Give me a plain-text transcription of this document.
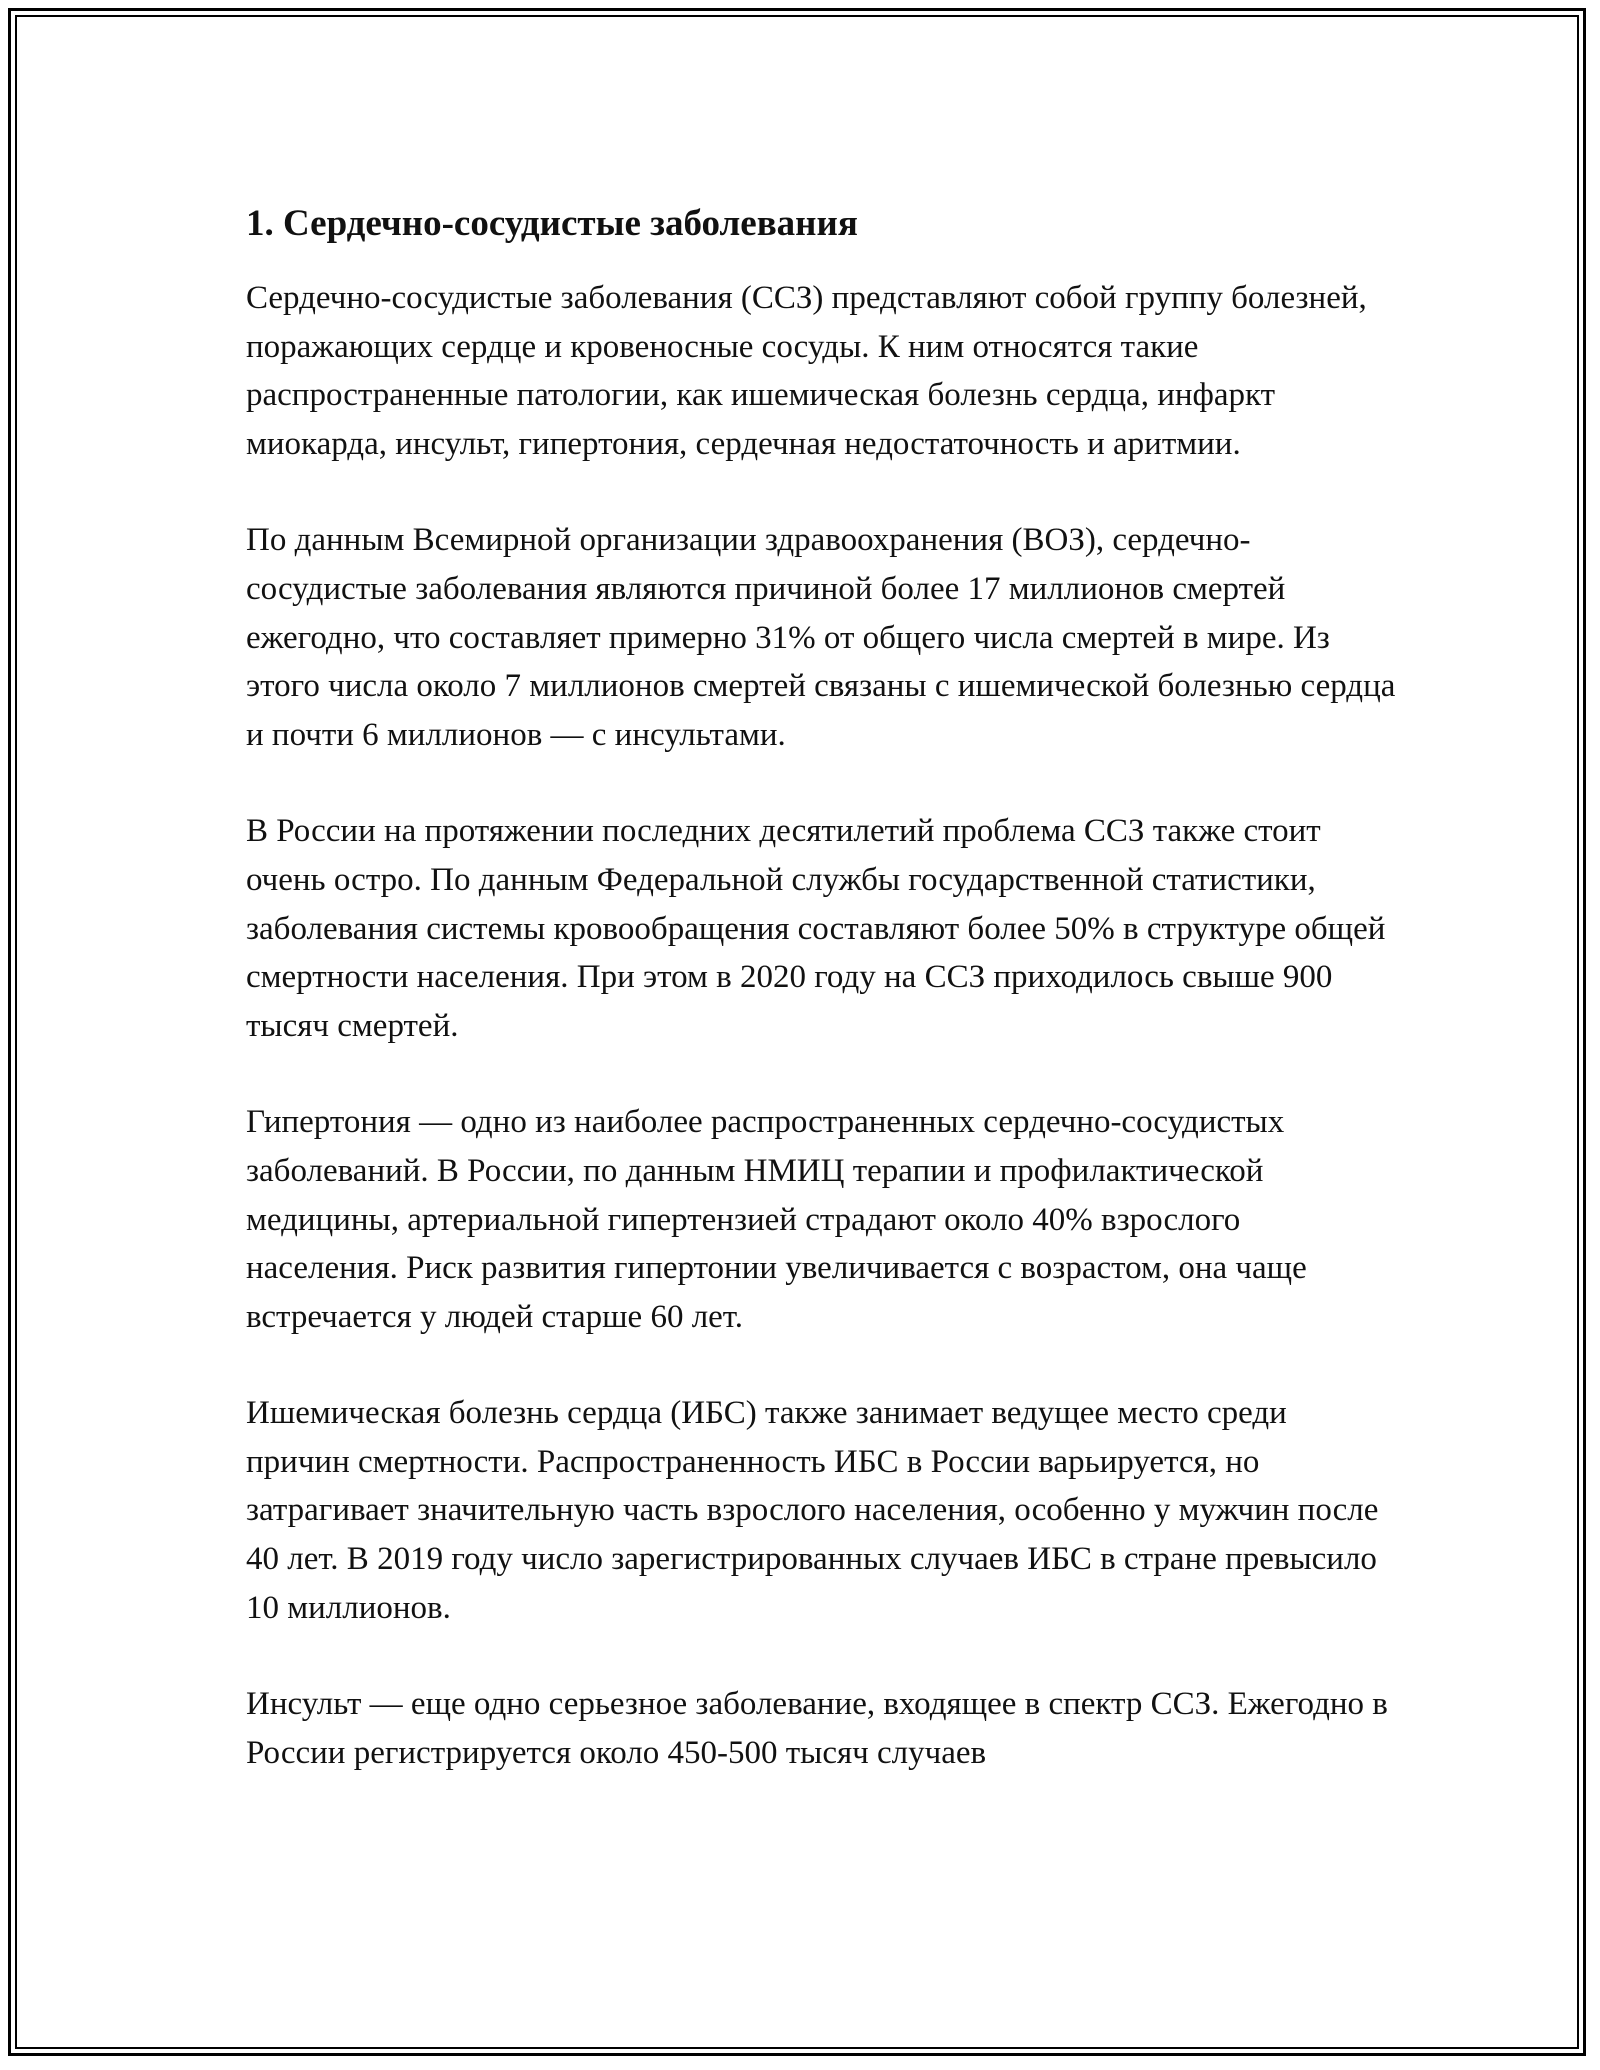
1. Сердечно-сосудистые заболевания

Сердечно-сосудистые заболевания (ССЗ) представляют собой группу болезней, поражающих сердце и кровеносные сосуды. К ним относятся такие распространенные патологии, как ишемическая болезнь сердца, инфаркт миокарда, инсульт, гипертония, сердечная недостаточность и аритмии.

По данным Всемирной организации здравоохранения (ВОЗ), сердечно-сосудистые заболевания являются причиной более 17 миллионов смертей ежегодно, что составляет примерно 31% от общего числа смертей в мире. Из этого числа около 7 миллионов смертей связаны с ишемической болезнью сердца и почти 6 миллионов — с инсультами.

В России на протяжении последних десятилетий проблема ССЗ также стоит очень остро. По данным Федеральной службы государственной статистики, заболевания системы кровообращения составляют более 50% в структуре общей смертности населения. При этом в 2020 году на ССЗ приходилось свыше 900 тысяч смертей.

Гипертония — одно из наиболее распространенных сердечно-сосудистых заболеваний. В России, по данным НМИЦ терапии и профилактической медицины, артериальной гипертензией страдают около 40% взрослого населения. Риск развития гипертонии увеличивается с возрастом, она чаще встречается у людей старше 60 лет.

Ишемическая болезнь сердца (ИБС) также занимает ведущее место среди причин смертности. Распространенность ИБС в России варьируется, но затрагивает значительную часть взрослого населения, особенно у мужчин после 40 лет. В 2019 году число зарегистрированных случаев ИБС в стране превысило 10 миллионов.

Инсульт — еще одно серьезное заболевание, входящее в спектр ССЗ. Ежегодно в России регистрируется около 450-500 тысяч случаев
